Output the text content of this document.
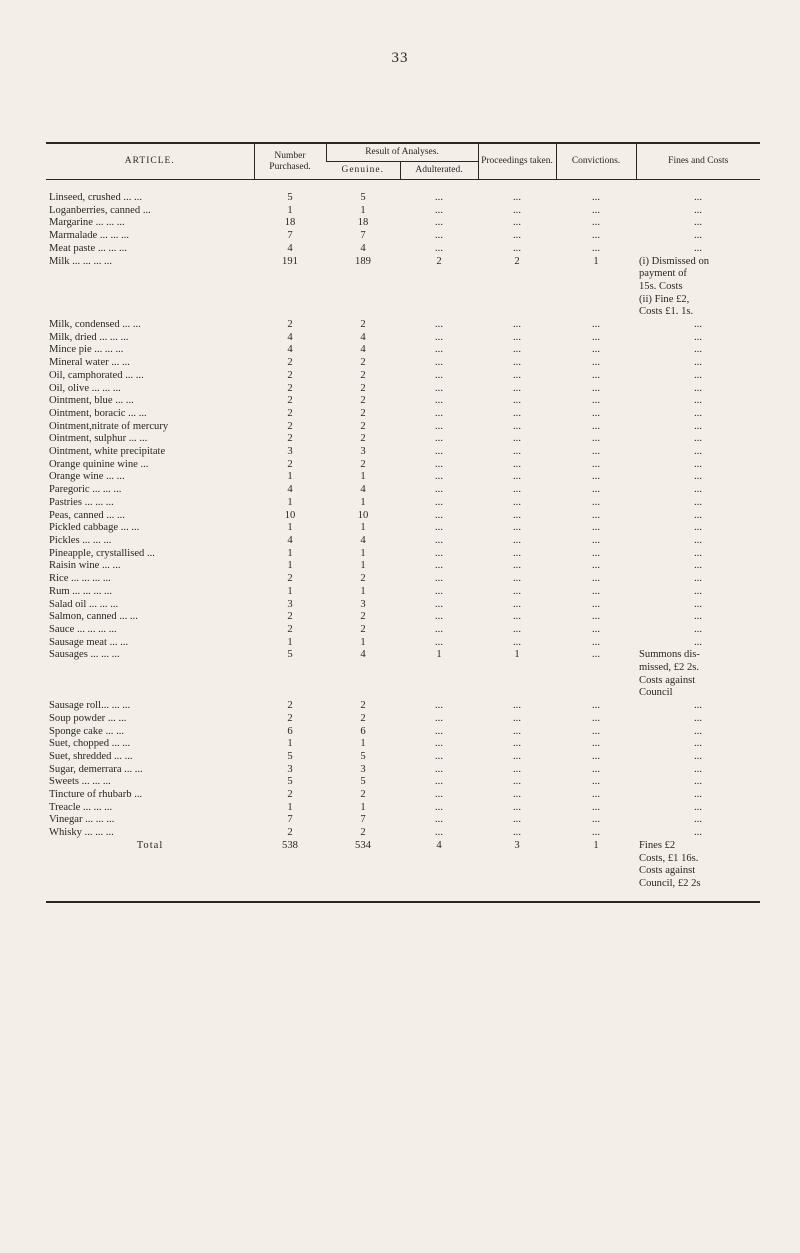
33
ARTICLE.	Number Purchased.	Result of Analyses.		Proceedings taken.	Convictions.	Fines and Costs
		Genuine.	Adulterated.			

Linseed, crushed ... ...	5	5	...	...	...	...

Loganberries, canned ...	1	1	...	...	...	...

Margarine ... ... ...	18	18	...	...	...	...

Marmalade ... ... ...	7	7	...	...	...	...

Meat paste ... ... ...	4	4	...	...	...	...

Milk ... ... ... ...	191	189	2	2	1	(i) Dismissed on
payment of
15s. Costs
(ii) Fine £2,
Costs £1. 1s.

Milk, condensed ... ...	2	2	...	...	...	...

Milk, dried ... ... ...	4	4	...	...	...	...

Mince pie ... ... ...	4	4	...	...	...	...

Mineral water ... ...	2	2	...	...	...	...

Oil, camphorated ... ...	2	2	...	...	...	...

Oil, olive ... ... ...	2	2	...	...	...	...

Ointment, blue ... ...	2	2	...	...	...	...

Ointment, boracic ... ...	2	2	...	...	...	...

Ointment,nitrate of mercury	2	2	...	...	...	...

Ointment, sulphur ... ...	2	2	...	...	...	...

Ointment, white precipitate	3	3	...	...	...	...

Orange quinine wine ...	2	2	...	...	...	...

Orange wine ... ...	1	1	...	...	...	...

Paregoric ... ... ...	4	4	...	...	...	...

Pastries ... ... ...	1	1	...	...	...	...

Peas, canned ... ...	10	10	...	...	...	...

Pickled cabbage ... ...	1	1	...	...	...	...

Pickles ... ... ...	4	4	...	...	...	...

Pineapple, crystallised ...	1	1	...	...	...	...

Raisin wine ... ...	1	1	...	...	...	...

Rice ... ... ... ...	2	2	...	...	...	...

Rum ... ... ... ...	1	1	...	...	...	...

Salad oil ... ... ...	3	3	...	...	...	...

Salmon, canned ... ...	2	2	...	...	...	...

Sauce ... ... ... ...	2	2	...	...	...	...

Sausage meat ... ...	1	1	...	...	...	...

Sausages ... ... ...	5	4	1	1	...	Summons dis-
missed, £2 2s.
Costs against
Council

Sausage roll... ... ...	2	2	...	...	...	...

Soup powder ... ...	2	2	...	...	...	...

Sponge cake ... ...	6	6	...	...	...	...

Suet, chopped ... ...	1	1	...	...	...	...

Suet, shredded ... ...	5	5	...	...	...	...

Sugar, demerrara ... ...	3	3	...	...	...	...

Sweets ... ... ...	5	5	...	...	...	...

Tincture of rhubarb ...	2	2	...	...	...	...

Treacle ... ... ...	1	1	...	...	...	...

Vinegar ... ... ...	7	7	...	...	...	...

Whisky ... ... ...	2	2	...	...	...	...

Total	538	534	4	3	1	Fines £2
Costs, £1 16s.
Costs against
Council, £2 2s
